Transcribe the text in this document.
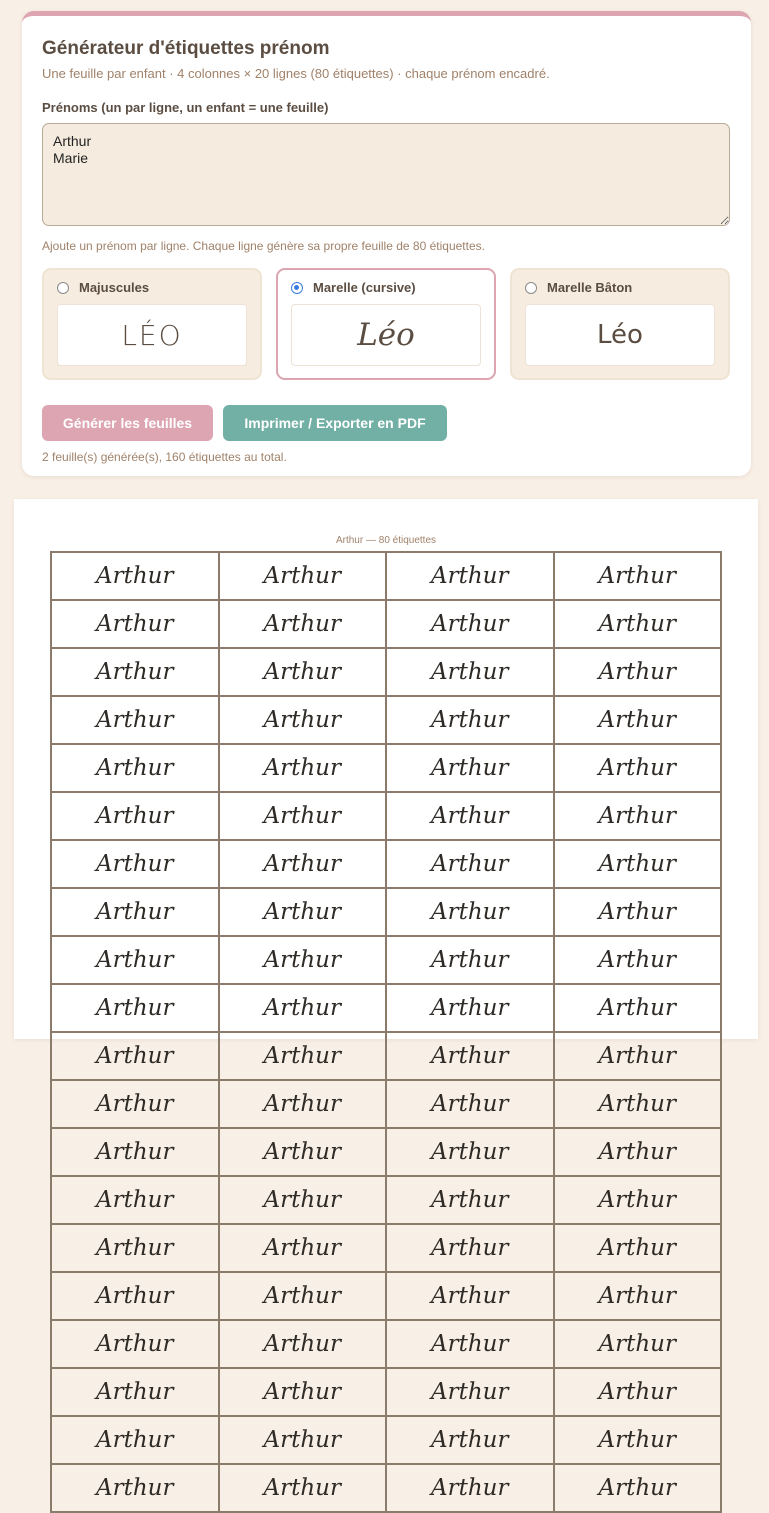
Générateur d'étiquettes prénom

Une feuille par enfant · 4 colonnes × 20 lignes (80 étiquettes) · chaque prénom encadré.

Prénoms (un par ligne, un enfant = une feuille)

Arthur Marie

Ajoute un prénom par ligne. Chaque ligne génère sa propre feuille de 80 étiquettes.

Majuscules
LÉO
Marelle (cursive)
Léo
Marelle Bâton
Léo
Générer les feuilles	Imprimer / Exporter en PDF

2 feuille(s) générée(s), 160 étiquettes au total.

Arthur — 80 étiquettes
Arthur	Arthur	Arthur	Arthur
Arthur	Arthur	Arthur	Arthur
Arthur	Arthur	Arthur	Arthur
Arthur	Arthur	Arthur	Arthur
Arthur	Arthur	Arthur	Arthur
Arthur	Arthur	Arthur	Arthur
Arthur	Arthur	Arthur	Arthur
Arthur	Arthur	Arthur	Arthur
Arthur	Arthur	Arthur	Arthur
Arthur	Arthur	Arthur	Arthur
Arthur	Arthur	Arthur	Arthur
Arthur	Arthur	Arthur	Arthur
Arthur	Arthur	Arthur	Arthur
Arthur	Arthur	Arthur	Arthur
Arthur	Arthur	Arthur	Arthur
Arthur	Arthur	Arthur	Arthur
Arthur	Arthur	Arthur	Arthur
Arthur	Arthur	Arthur	Arthur
Arthur	Arthur	Arthur	Arthur
Arthur	Arthur	Arthur	Arthur
